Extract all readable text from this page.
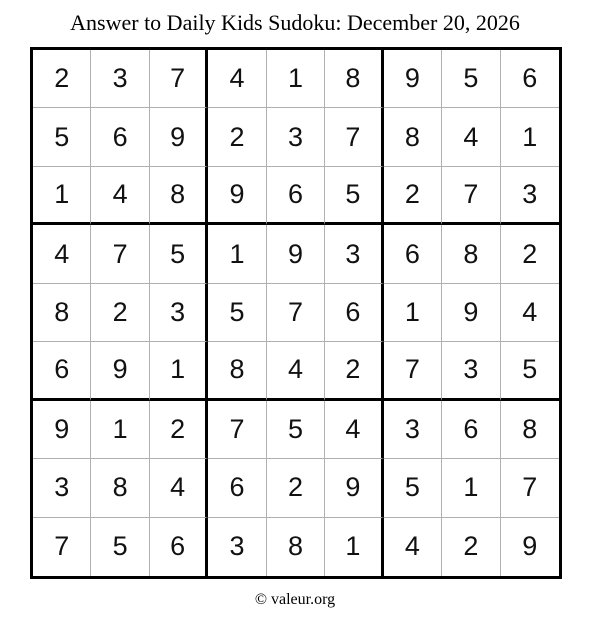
Answer to Daily Kids Sudoku: December 20, 2026
2	3	7	4	1	8	9	5	6
5	6	9	2	3	7	8	4	1
1	4	8	9	6	5	2	7	3
4	7	5	1	9	3	6	8	2
8	2	3	5	7	6	1	9	4
6	9	1	8	4	2	7	3	5
9	1	2	7	5	4	3	6	8
3	8	4	6	2	9	5	1	7
7	5	6	3	8	1	4	2	9
© valeur.org
